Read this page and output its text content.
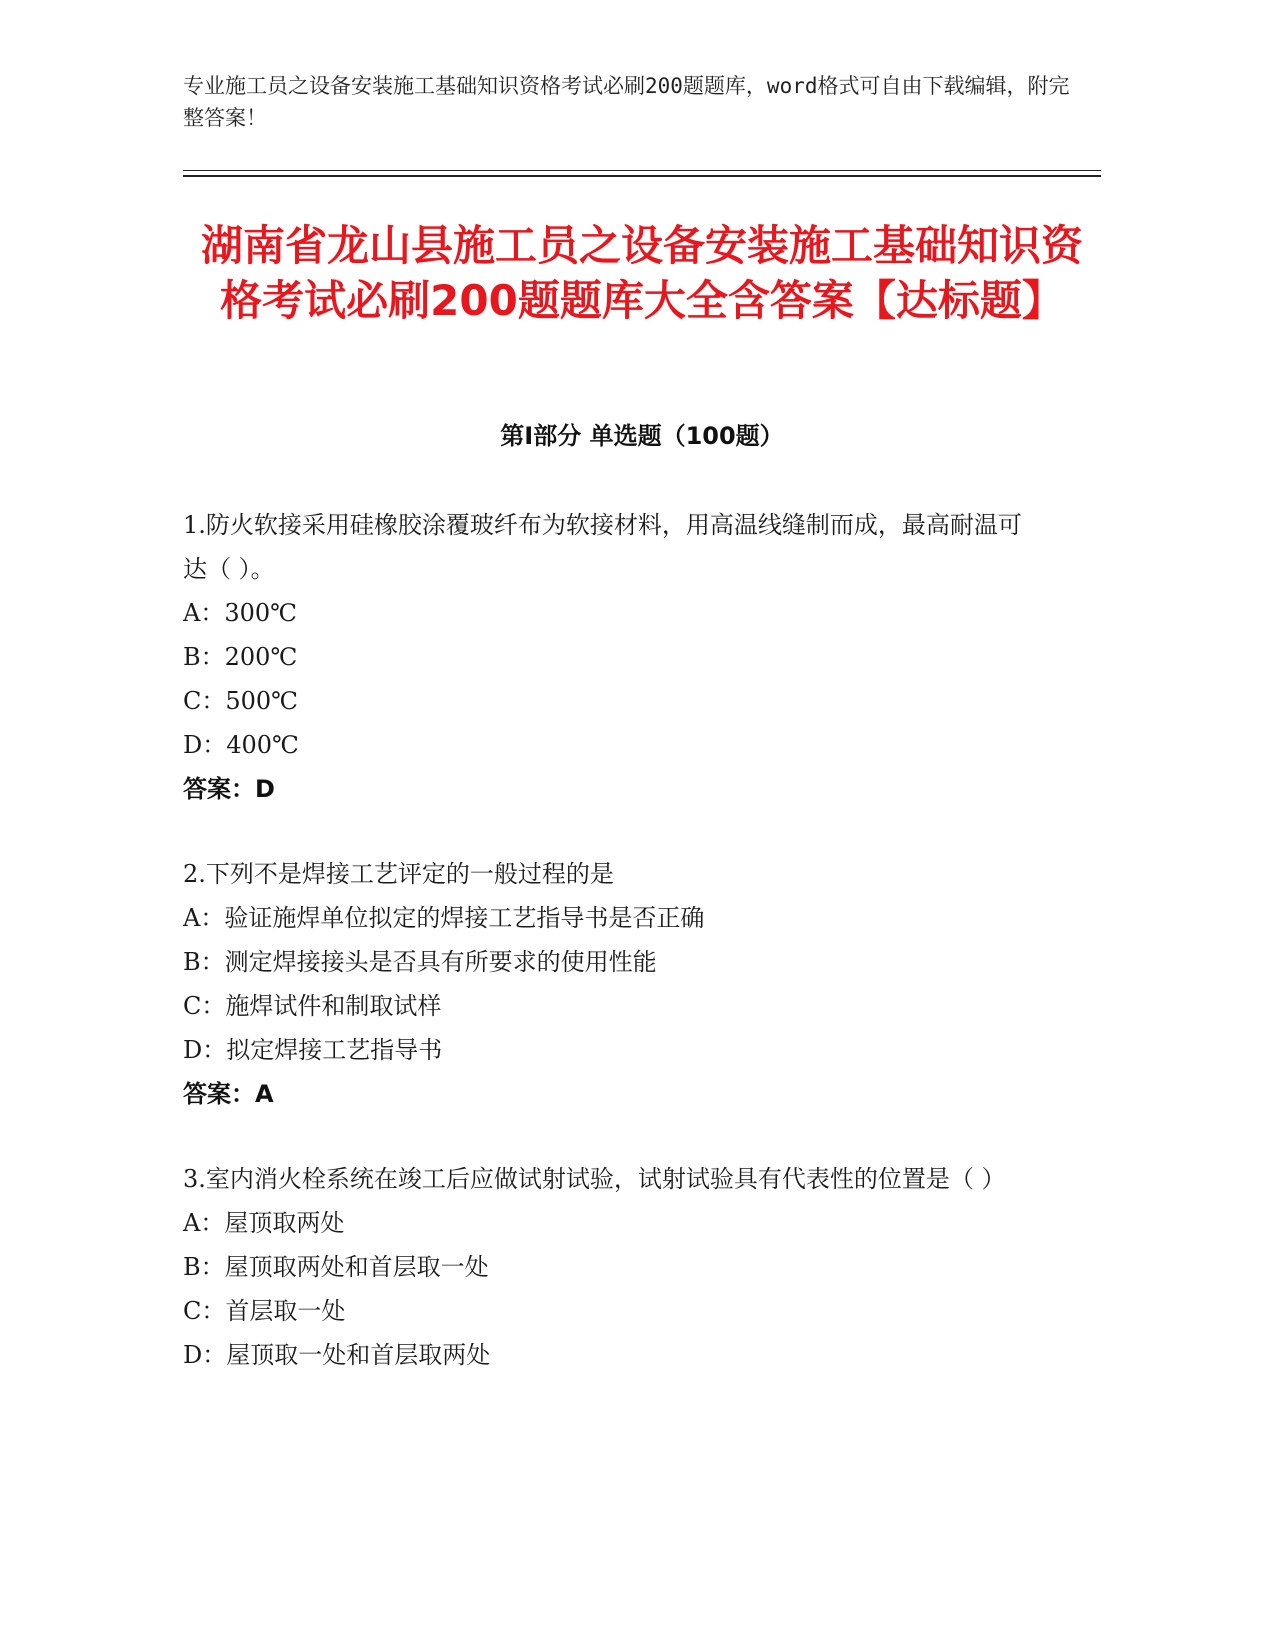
专业施工员之设备安装施工基础知识资格考试必刷200题题库，word格式可自由下载编辑，附完整答案！
湖南省龙山县施工员之设备安装施工基础知识资格考试必刷200题题库大全含答案【达标题】
第I部分 单选题（100题）
1.防火软接采用硅橡胶涂覆玻纤布为软接材料，用高温线缝制而成，最高耐温可达（ ）。
A：300℃
B：200℃
C：500℃
D：400℃
答案：D
2.下列不是焊接工艺评定的一般过程的是
A：验证施焊单位拟定的焊接工艺指导书是否正确
B：测定焊接接头是否具有所要求的使用性能
C：施焊试件和制取试样
D：拟定焊接工艺指导书
答案：A
3.室内消火栓系统在竣工后应做试射试验，试射试验具有代表性的位置是（ ）
A：屋顶取两处
B：屋顶取两处和首层取一处
C：首层取一处
D：屋顶取一处和首层取两处
